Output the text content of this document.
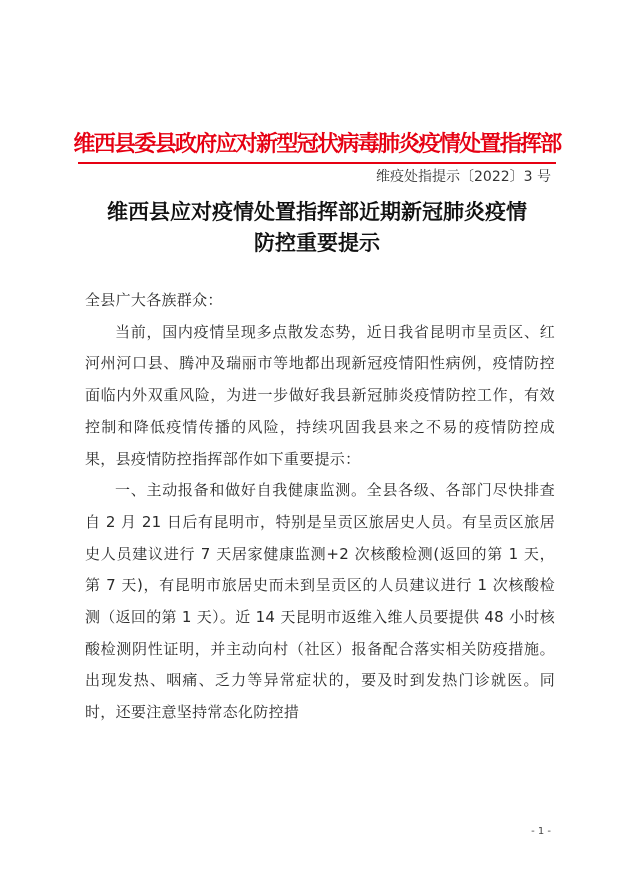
维西县委县政府应对新型冠状病毒肺炎疫情处置指挥部
维疫处指提示〔2022〕3 号
维西县应对疫情处置指挥部近期新冠肺炎疫情
防控重要提示

全县广大各族群众：

当前，国内疫情呈现多点散发态势，近日我省昆明市呈贡区、红河州河口县、腾冲及瑞丽市等地都出现新冠疫情阳性病例，疫情防控面临内外双重风险，为进一步做好我县新冠肺炎疫情防控工作，有效控制和降低疫情传播的风险，持续巩固我县来之不易的疫情防控成果，县疫情防控指挥部作如下重要提示：

一、主动报备和做好自我健康监测。全县各级、各部门尽快排查自 2 月 21 日后有昆明市，特别是呈贡区旅居史人员。有呈贡区旅居史人员建议进行 7 天居家健康监测+2 次核酸检测(返回的第 1 天，第 7 天)，有昆明市旅居史而未到呈贡区的人员建议进行 1 次核酸检测（返回的第 1 天）。近 14 天昆明市返维入维人员要提供 48 小时核酸检测阴性证明，并主动向村（社区）报备配合落实相关防疫措施。出现发热、咽痛、乏力等异常症状的，要及时到发热门诊就医。同时，还要注意坚持常态化防控措

- 1 -
